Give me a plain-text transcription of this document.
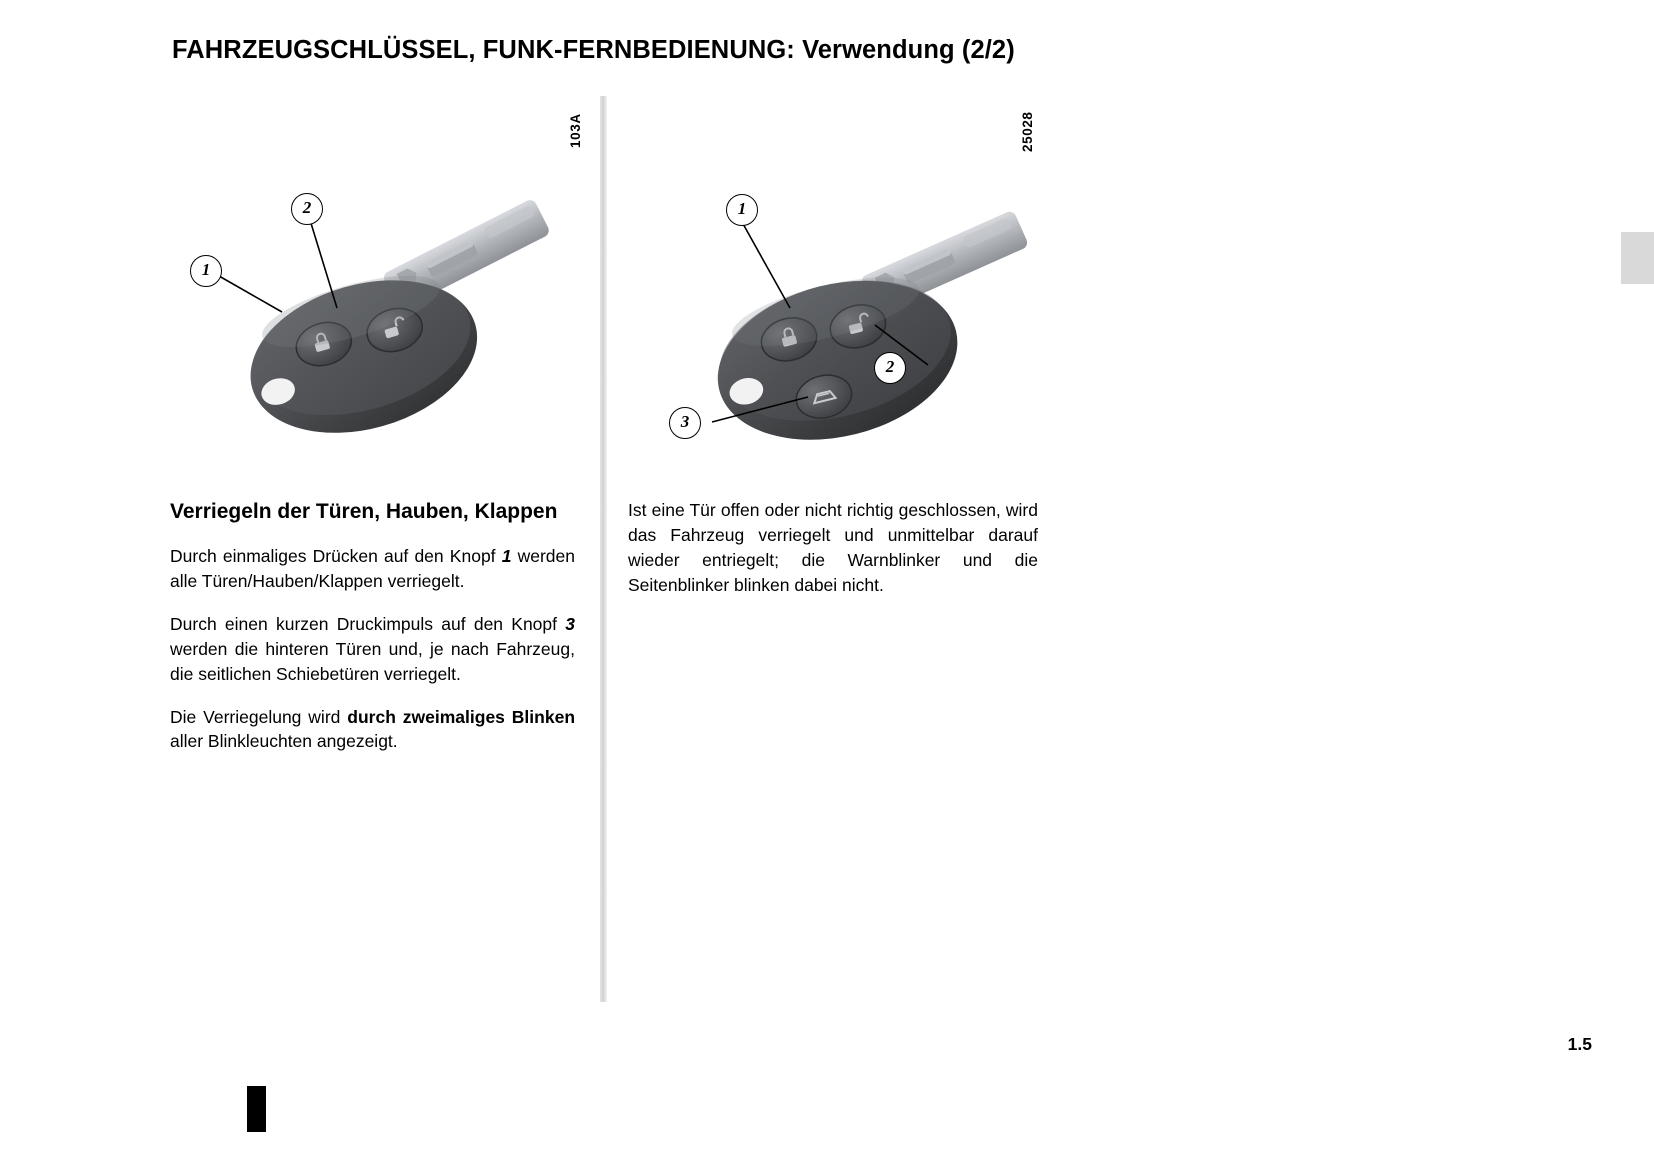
FAHRZEUGSCHLÜSSEL, FUNK-FERNBEDIENUNG: Verwendung (2/2)
103A	25028
2
1
1
2
3
Verriegeln der Türen, Hauben, Klappen

Durch einmaliges Drücken auf den Knopf 1 werden alle Türen/Hauben/Klappen verriegelt.

Durch einen kurzen Druckimpuls auf den Knopf 3 werden die hinteren Türen und, je nach Fahrzeug, die seitlichen Schiebetüren verriegelt.

Die Verriegelung wird durch zweimaliges Blinken aller Blinkleuchten angezeigt.

Ist eine Tür offen oder nicht richtig geschlossen, wird das Fahrzeug verriegelt und unmittelbar darauf wieder entriegelt; die Warnblinker und die Seitenblinker blinken dabei nicht.

1.5
